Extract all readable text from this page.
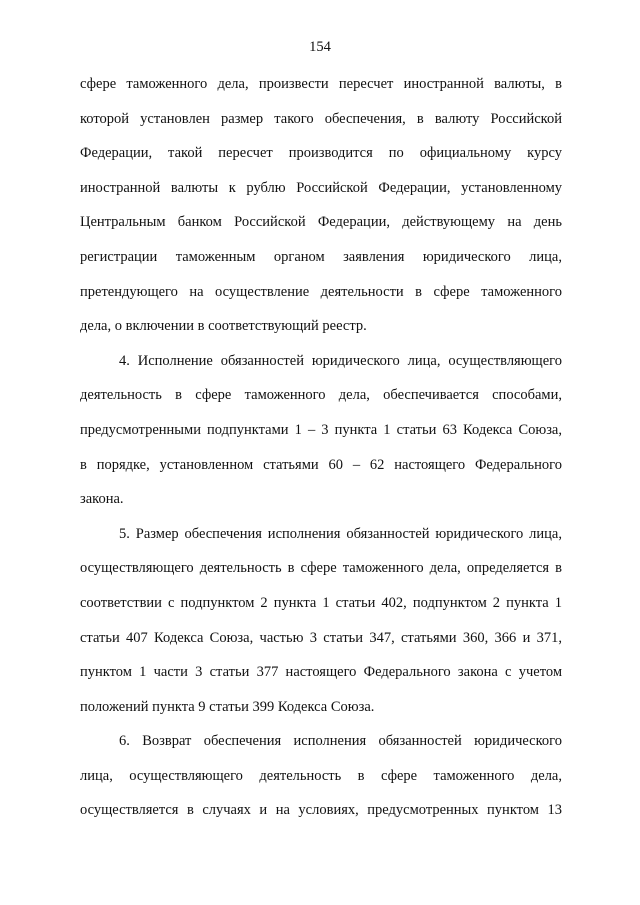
154
сфере таможенного дела, произвести пересчет иностранной валюты, в
которой установлен размер такого обеспечения, в валюту Российской
Федерации, такой пересчет производится по официальному курсу
иностранной валюты к рублю Российской Федерации, установленному
Центральным банком Российской Федерации, действующему на день
регистрации таможенным органом заявления юридического лица,
претендующего на осуществление деятельности в сфере таможенного
дела, о включении в соответствующий реестр.
4. Исполнение обязанностей юридического лица, осуществляющего
деятельность в сфере таможенного дела, обеспечивается способами,
предусмотренными подпунктами 1 – 3 пункта 1 статьи 63 Кодекса Союза,
в порядке, установленном статьями 60 – 62 настоящего Федерального
закона.
5. Размер обеспечения исполнения обязанностей юридического лица,
осуществляющего деятельность в сфере таможенного дела, определяется в
соответствии с подпунктом 2 пункта 1 статьи 402, подпунктом 2 пункта 1
статьи 407 Кодекса Союза, частью 3 статьи 347, статьями 360, 366 и 371,
пунктом 1 части 3 статьи 377 настоящего Федерального закона с учетом
положений пункта 9 статьи 399 Кодекса Союза.
6. Возврат обеспечения исполнения обязанностей юридического
лица, осуществляющего деятельность в сфере таможенного дела,
осуществляется в случаях и на условиях, предусмотренных пунктом 13
